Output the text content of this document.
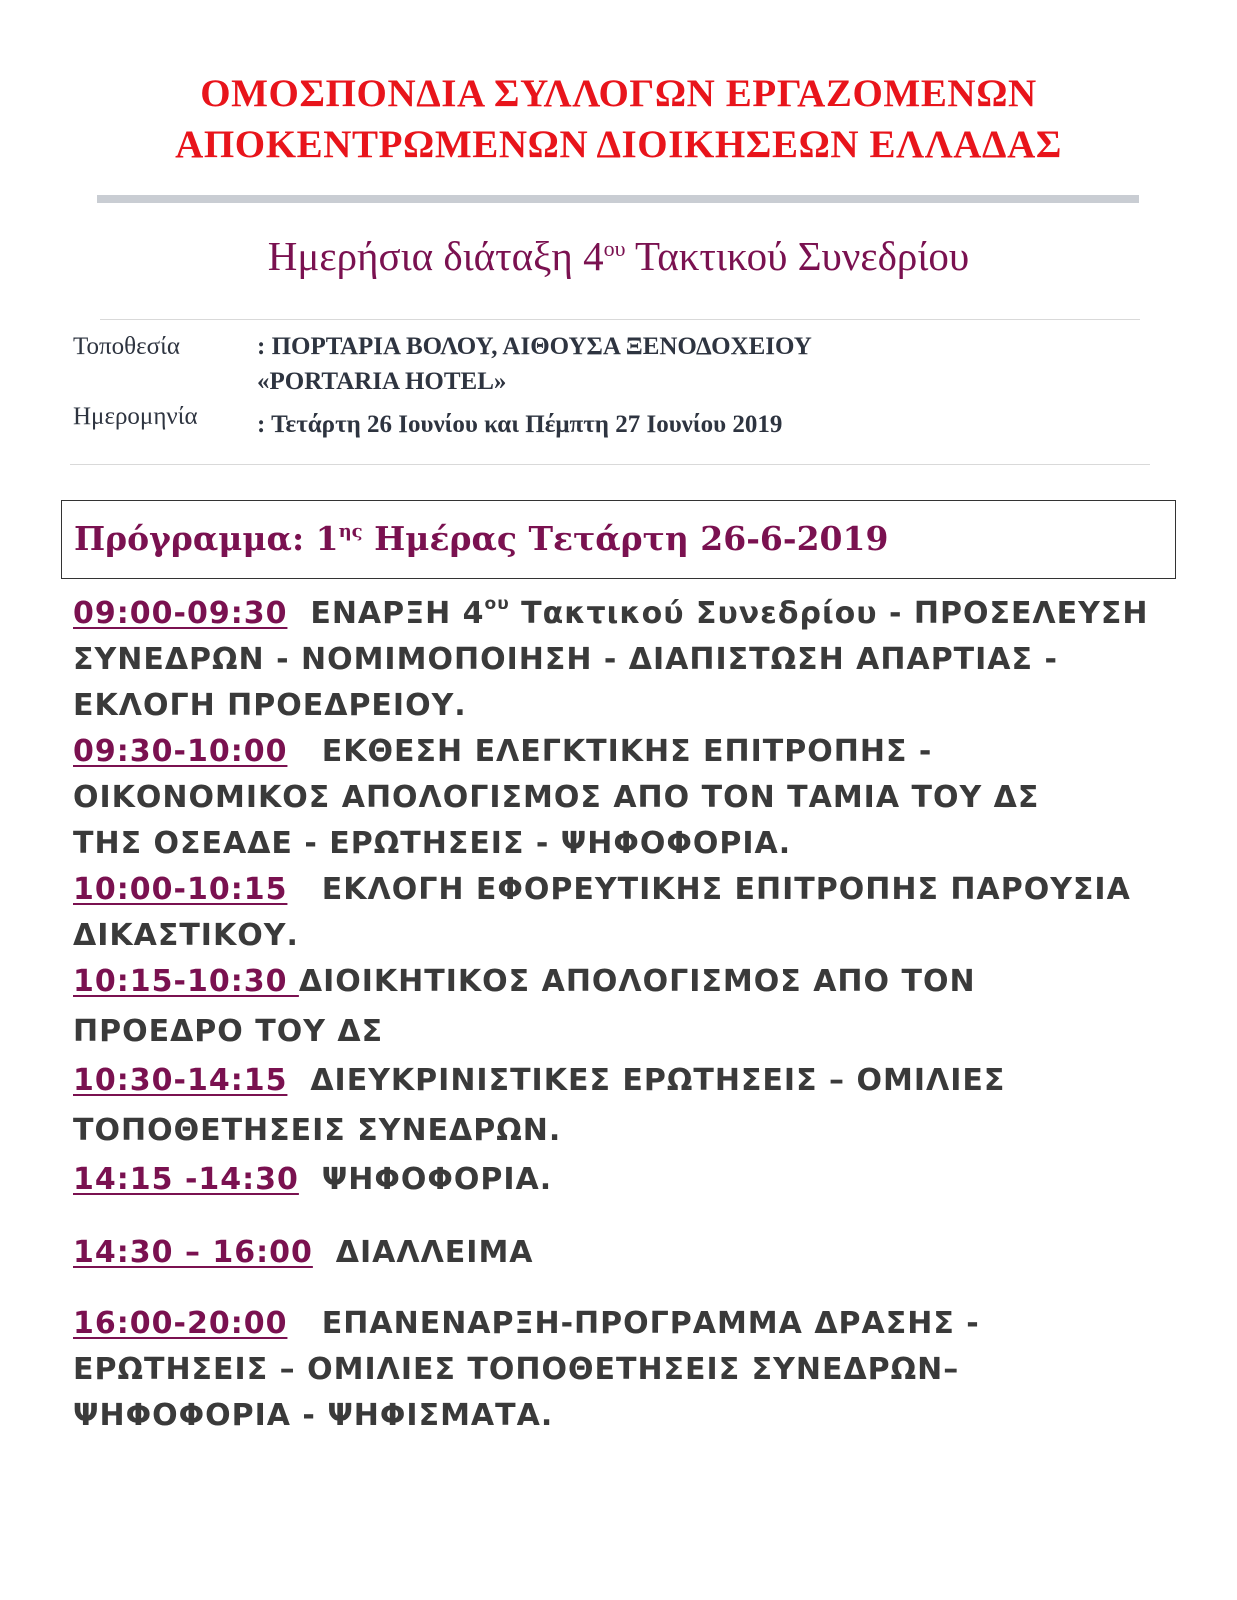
ΟΜΟΣΠΟΝΔΙΑ ΣΥΛΛΟΓΩΝ ΕΡΓΑΖΟΜΕΝΩΝ
ΑΠΟΚΕΝΤΡΩΜΕΝΩΝ ΔΙΟΙΚΗΣΕΩΝ ΕΛΛΑΔΑΣ
Ημερήσια διάταξη $4^{o\upsilon}$ Τακτικού Συνεδρίου
Τοποθεσία	: ΠΟΡΤΑΡΙΑ ΒΟΛΟΥ, ΑΙΘΟΥΣΑ ΞΕΝΟΔΟΧΕΙΟΥ
«PORTARIA HOTEL»
Ημερομηνία : Τετάρτη 26 Ιουνίου και Πέμπτη 27 Ιουνίου 2019
Πρόγραμμα: $1^{\eta\varsigma}$ Ημέρας Τετάρτη 26-6-2019
09:00-09:30 ΕΝΑΡΞΗ $4^{o\upsilon}$ Τακτικού Συνεδρίου - ΠΡΟΣΕΛΕΥΣΗ
ΣΥΝΕΔΡΩΝ - ΝΟΜΙΜΟΠΟΙΗΣΗ - ΔΙΑΠΙΣΤΩΣΗ ΑΠΑΡΤΙΑΣ -
ΕΚΛΟΓΗ ΠΡΟΕΔΡΕΙΟΥ.
09:30-10:00 ΕΚΘΕΣΗ ΕΛΕΓΚΤΙΚΗΣ ΕΠΙΤΡΟΠΗΣ -
ΟΙΚΟΝΟΜΙΚΟΣ ΑΠΟΛΟΓΙΣΜΟΣ ΑΠΟ ΤΟΝ ΤΑΜΙΑ ΤΟΥ ΔΣ
ΤΗΣ ΟΣΕΑΔΕ - ΕΡΩΤΗΣΕΙΣ - ΨΗΦΟΦΟΡΙΑ.
10:00-10:15 ΕΚΛΟΓΗ ΕΦΟΡΕΥΤΙΚΗΣ ΕΠΙΤΡΟΠΗΣ ΠΑΡΟΥΣΙΑ
ΔΙΚΑΣΤΙΚΟΥ.
10:15-10:30 ΔΙΟΙΚΗΤΙΚΟΣ ΑΠΟΛΟΓΙΣΜΟΣ ΑΠΟ ΤΟΝ
ΠΡΟΕΔΡΟ ΤΟΥ ΔΣ
10:30-14:15 ΔΙΕΥΚΡΙΝΙΣΤΙΚΕΣ ΕΡΩΤΗΣΕΙΣ – ΟΜΙΛΙΕΣ
ΤΟΠΟΘΕΤΗΣΕΙΣ ΣΥΝΕΔΡΩΝ.
14:15 -14:30 ΨΗΦΟΦΟΡΙΑ.
14:30 – 16:00 ΔΙΑΛΛΕΙΜΑ
16:00-20:00 ΕΠΑΝΕΝΑΡΞΗ-ΠΡΟΓΡΑΜΜΑ ΔΡΑΣΗΣ -
ΕΡΩΤΗΣΕΙΣ – ΟΜΙΛΙΕΣ ΤΟΠΟΘΕΤΗΣΕΙΣ ΣΥΝΕΔΡΩΝ–
ΨΗΦΟΦΟΡΙΑ - ΨΗΦΙΣΜΑΤΑ.
